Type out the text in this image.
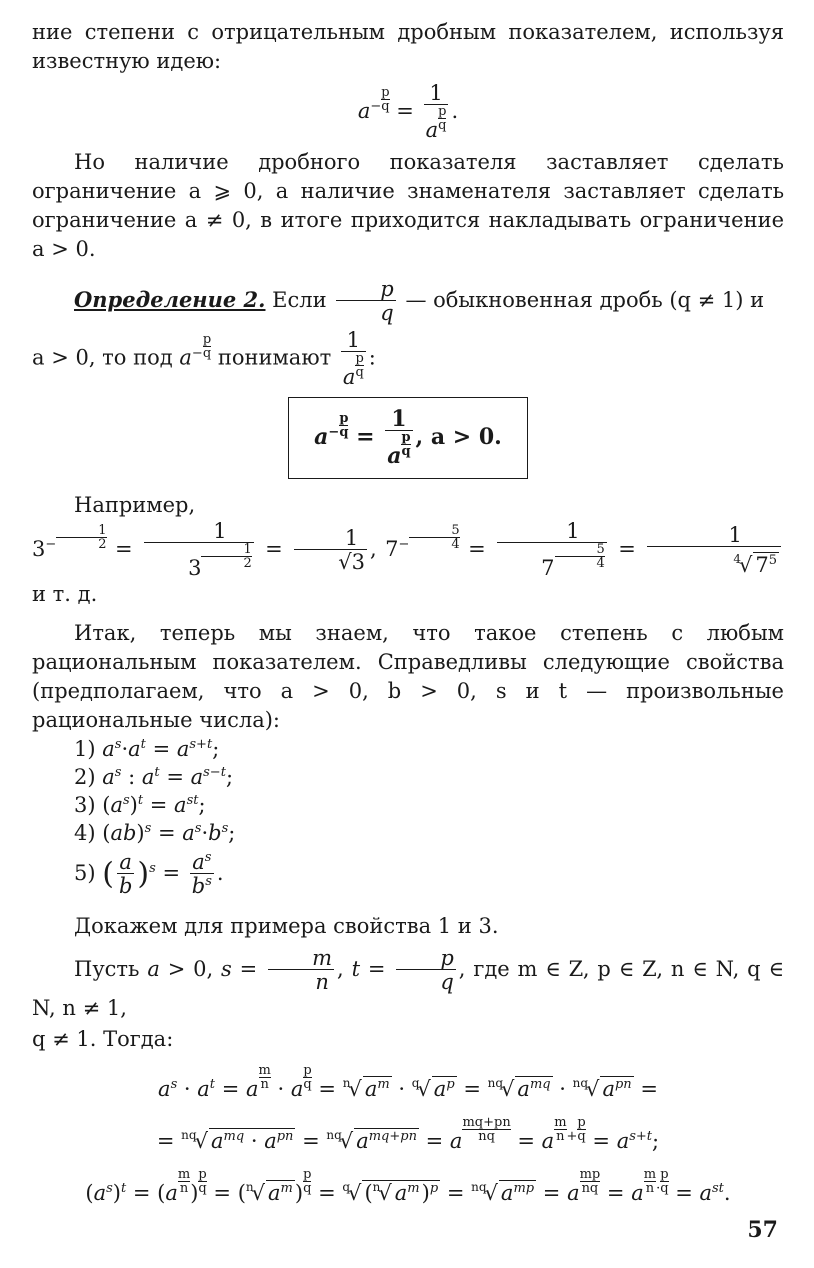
ние степени с отрицательным дробным показателем, используя известную идею:

$a^{- \frac{p}{q}} = 1$
a $^{\frac{p}{q}}$ .

Но наличие дробного показателя заставляет сделать ограничение a ⩾ 0, а наличие знаменателя заставляет сделать ограничение a ≠ 0, в итоге приходится накладывать ограничение a > 0.

Определение 2. Если $\frac{p}{q}$ — обыкновенная дробь (q ≠ 1) и

a > 0, то под $a^{- \frac{p}{q}}$ понимают 1
a $^{\frac{p}{q}}$ :

$a^{- \frac{p}{q}} = 1$
a $^{\frac{p}{q}}$ , a > 0.

Например, $3^{- \frac{1}{2}} = 1$
3 $^{\frac{1}{2}} = \frac{1}{√3}$ , $7^{- \frac{5}{4}} = 1$
7 $^{\frac{5}{4}} = \frac{1}{^4√ 7^5}$
и т. д.

Итак, теперь мы знаем, что такое степень с любым рациональным показателем. Справедливы следующие свойства (предполагаем, что a > 0, b > 0, s и t — произвольные рациональные числа):

1) $a^s\cdot a^t = a^{s+t}$;
2) $a^s$ : $a^t = a^{s-t}$;
3) $(a^s)^t = a^{st}$;
4) $(ab)^s = a^s\cdot b^s$;
5) ( $\frac{a}{b} )^s = \frac{a^s}{b^s}$ .

Докажем для примера свойства 1 и 3.

Пусть a > 0, $s = \frac{m}{n}$ , $t = \frac{p}{q}$ , где m ∈ Z, p ∈ Z, n ∈ N, q ∈ N, n ≠ 1,

q ≠ 1. Тогда:

$a^s \cdot a^t = a$ $^{\frac{m}{n}}$ · a $^{\frac{p}{q}}$ = $^n$√ $a^m \cdot ^q√$ $a^p = ^{nq}√$ $a^{mq} \cdot ^{nq}√$ $a^{pn}$ =
= $^{nq}$√ $a^{mq} \cdot a^{pn} = ^{nq}√$ $a^{mq+pn} = a$ $^{\frac{mq+pn}{nq}}$ = a $^{\frac{m}{n} + \frac{p}{q}} = a^{s+t}$;
$(a^s)^t = (a$ $^{\frac{m}{n}}$ ) $^{\frac{p}{q}}$ = ($^n$√ $a^m$) $^{\frac{p}{q}}$ = $^q$√ ($^n$√ $a^m)^p = ^{nq}√$ $a^{mp} = a$ $^{\frac{mp}{nq}}$ = a $^{\frac{m}{n} \cdot \frac{p}{q}} = a^{st}$.
57
